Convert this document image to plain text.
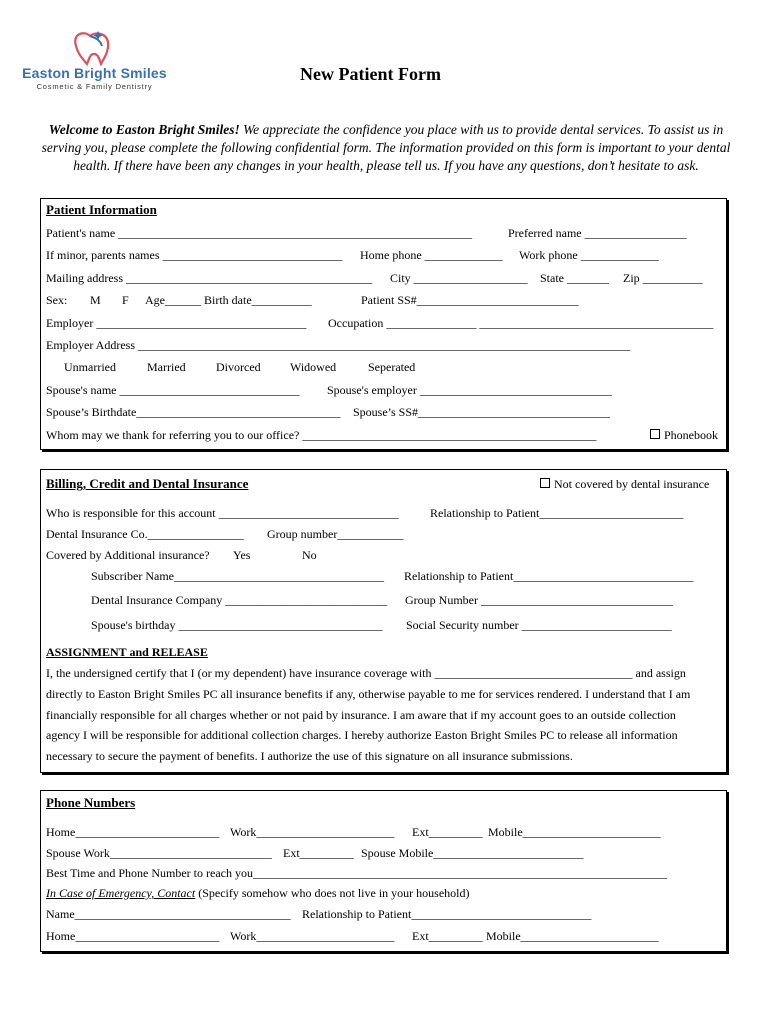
Easton Bright Smiles
Cosmetic & Family Dentistry
New Patient Form
Welcome to Easton Bright Smiles! We appreciate the confidence you place with us to provide dental services. To assist us in serving you, please complete the following confidential form. The information provided on this form is important to your dental health. If there have been any changes in your health, please tell us. If you have any questions, don’t hesitate to ask.
Patient Information
Patient's name ___________________________________________________________	Preferred name _________________
If minor, parents names ______________________________ Home phone _____________ Work phone _____________
Mailing address _________________________________________ City ___________________ State _______ Zip __________
Sex: M F Age______ Birth date__________	Patient SS#___________________________
Employer ___________________________________ Occupation _______________ _______________________________________
Employer Address __________________________________________________________________________________
Unmarried	Married	Divorced Widowed	Seperated
Spouse's name ______________________________ Spouse's employer ________________________________
Spouse’s Birthdate__________________________________ Spouse’s SS#________________________________
Whom may we thank for referring you to our office? _________________________________________________	Phonebook
Billing, Credit and Dental Insurance	Not covered by dental insurance
Who is responsible for this account ______________________________	Relationship to Patient________________________
Dental Insurance Co.________________ Group number___________
Covered by Additional insurance? Yes	No
Subscriber Name___________________________________ Relationship to Patient______________________________
Dental Insurance Company ___________________________ Group Number ________________________________
Spouse's birthday __________________________________ Social Security number _________________________
ASSIGNMENT and RELEASE
I, the undersigned certify that I (or my dependent) have insurance coverage with _________________________________ and assign
directly to Easton Bright Smiles PC all insurance benefits if any, otherwise payable to me for services rendered. I understand that I am
financially responsible for all charges whether or not paid by insurance. I am aware that if my account goes to an outside collection
agency I will be responsible for additional collection charges. I hereby authorize Easton Bright Smiles PC to release all information
necessary to secure the payment of benefits. I authorize the use of this signature on all insurance submissions.
Phone Numbers
Home________________________ Work_______________________ Ext_________ Mobile_______________________
Spouse Work___________________________ Ext_________ Spouse Mobile_________________________
Best Time and Phone Number to reach you_____________________________________________________________________
In Case of Emergency, Contact (Specify somehow who does not live in your household)
Name____________________________________ Relationship to Patient______________________________
Home________________________ Work_______________________ Ext_________ Mobile_______________________
